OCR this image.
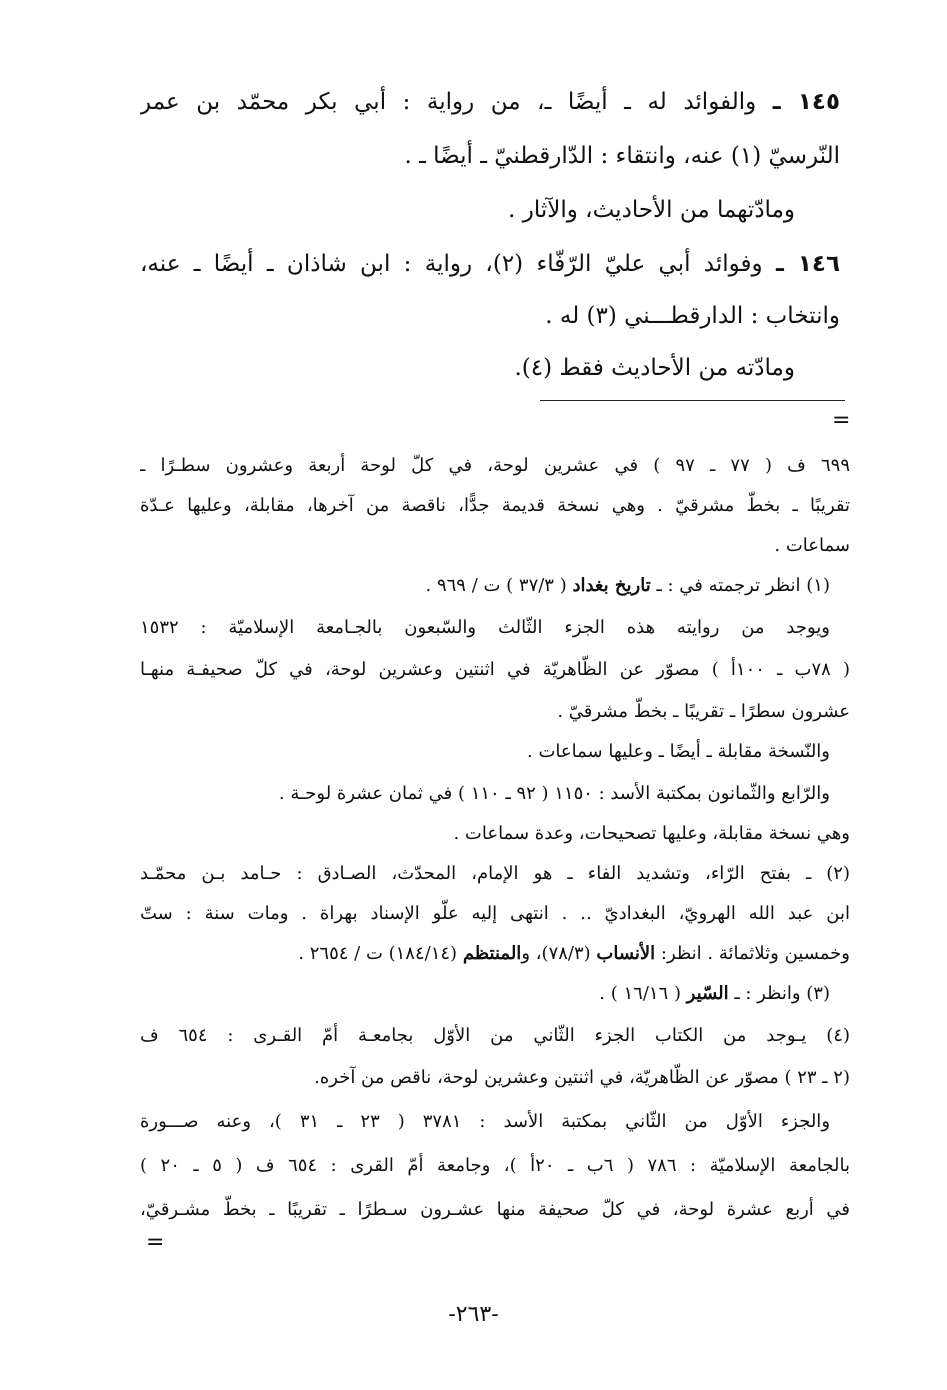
١٤٥ ـ والفوائد له ـ أيضًا ـ، من رواية : أبي بكر محمّد بن عمر
النّرسيّ (١) عنه، وانتقاء : الدّارقطنيّ ـ أيضًا ـ .
ومادّتهما من الأحاديث، والآثار .
١٤٦ ـ وفوائد أبي عليّ الرّفّاء (٢)، رواية : ابن شاذان ـ أيضًا ـ عنه،
وانتخاب : الدارقطـــني (٣) له .
ومادّته من الأحاديث فقط (٤).
=
٦٩٩ ف ( ٧٧ ـ ٩٧ ) في عشرين لوحة، في كلّ لوحة أربعة وعشرون سطـرًا ـ
تقريبًا ـ بخطّ مشرقيّ . وهي نسخة قديمة جدًّا، ناقصة من آخرها، مقابلة، وعليها عـدّة
سماعات .
(١) انظر ترجمته في : ـ تاريخ بغداد ( ٣٧/٣ ) ت / ٩٦٩ .
ويوجد من روايته هذه الجزء الثّالث والسّبعون بالجـامعة الإسلاميّة : ١٥٣٢
( ٧٨ب ـ ١٠٠أ ) مصوّر عن الظّاهريّة في اثنتين وعشرين لوحة، في كلّ صحيفـة منهـا
عشرون سطرًا ـ تقريبًا ـ بخطّ مشرقيّ .
والنّسخة مقابلة ـ أيضًا ـ وعليها سماعات .
والرّابع والثّمانون بمكتبة الأسد : ١١٥٠ ( ٩٢ ـ ١١٠ ) في ثمان عشرة لوحـة .
وهي نسخة مقابلة، وعليها تصحيحات، وعدة سماعات .
(٢) ـ بفتح الرّاء، وتشديد الفاء ـ هو الإمام، المحدّث، الصـادق : حـامد بـن محمّـد
ابن عبد الله الهرويّ، البغداديّ .. . انتهى إليه علّو الإسناد بهراة . ومات سنة : ستّ
وخمسين وثلاثمائة . انظر: الأنساب (٧٨/٣)، والمنتظم (١٨٤/١٤) ت / ٢٦٥٤ .
(٣) وانظر : ـ السّير ( ١٦/١٦ ) .
(٤) يـوجد من الكتاب الجزء الثّاني من الأوّل بجامعـة أمّ القـرى : ٦٥٤ ف
(٢ ـ ٢٣ ) مصوّر عن الظّاهريّة، في اثنتين وعشرين لوحة، ناقص من آخره.
والجزء الأوّل من الثّاني بمكتبة الأسد : ٣٧٨١ ( ٢٣ ـ ٣١ )، وعنه صـــورة
بالجامعة الإسلاميّة : ٧٨٦ ( ٦ب ـ ٢٠أ )، وجامعة أمّ القرى : ٦٥٤ ف ( ٥ ـ ٢٠ )
في أربع عشرة لوحة، في كلّ صحيفة منها عشـرون سـطرًا ـ تقريبًا ـ بخطّ مشـرقيّ،
=
-٢٦٣-
